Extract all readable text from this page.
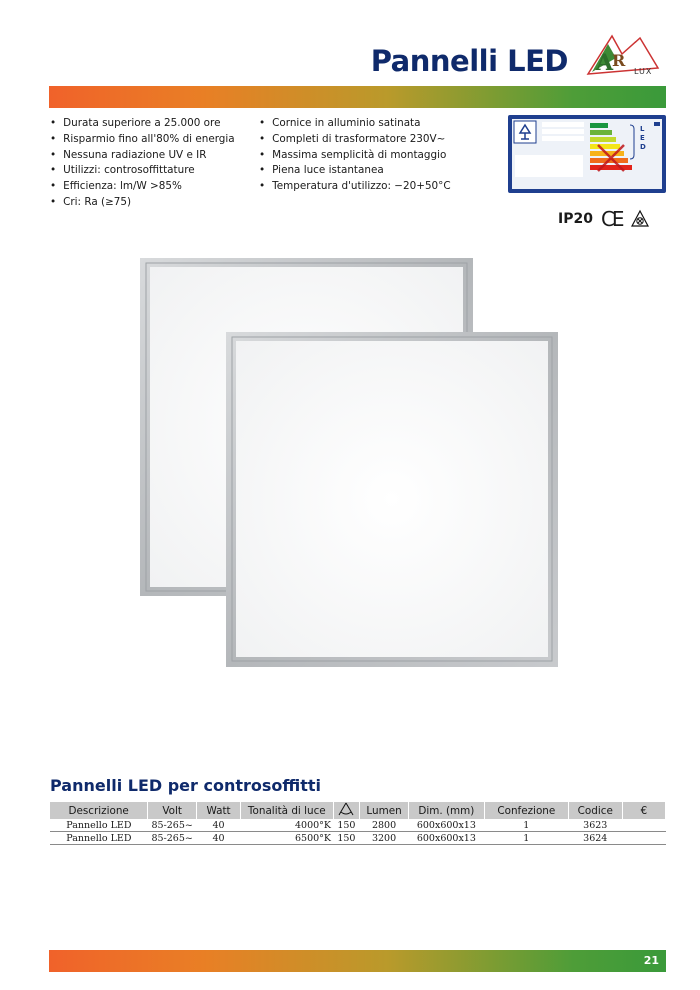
Pannelli LED A
R
LUX
• Durata superiore a 25.000 ore
• Risparmio fino all'80% di energia
• Nessuna radiazione UV e IR
• Utilizzi: controsoffittature
• Efficienza: lm/W >85%
• Cri: Ra (≥75)
• Cornice in alluminio satinata
• Completi di trasformatore 230V~
• Massima semplicità di montaggio
• Piena luce istantanea
• Temperatura d'utilizzo: −20+50°C
L
E
D
IP20 CE
Pannelli LED per controsoffitti
Descrizione	Volt	Watt	Tonalità di luce		Lumen	Dim. (mm)	Confezione	Codice	€
Pannello LED	85-265~	40	4000°K	150	2800	600x600x13	1	3623	
Pannello LED	85-265~	40	6500°K	150	3200	600x600x13	1	3624	
21
